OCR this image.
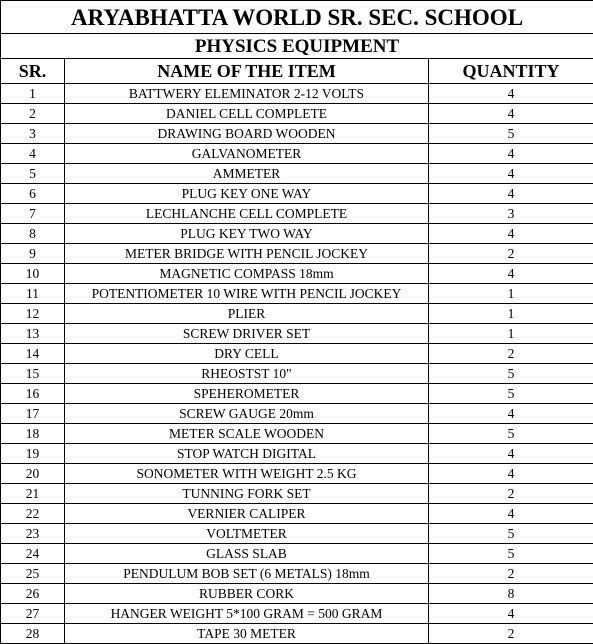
ARYABHATTA WORLD SR. SEC. SCHOOL		
PHYSICS EQUIPMENT		
SR.	NAME OF THE ITEM	QUANTITY
1	BATTWERY ELEMINATOR 2-12 VOLTS	4
2	DANIEL CELL COMPLETE	4
3	DRAWING BOARD WOODEN	5
4	GALVANOMETER	4
5	AMMETER	4
6	PLUG KEY ONE WAY	4
7	LECHLANCHE CELL COMPLETE	3
8	PLUG KEY TWO WAY	4
9	METER BRIDGE WITH PENCIL JOCKEY	2
10	MAGNETIC COMPASS 18mm	4
11	POTENTIOMETER 10 WIRE WITH PENCIL JOCKEY	1
12	PLIER	1
13	SCREW DRIVER SET	1
14	DRY CELL	2
15	RHEOSTST 10"	5
16	SPEHEROMETER	5
17	SCREW GAUGE 20mm	4
18	METER SCALE WOODEN	5
19	STOP WATCH DIGITAL	4
20	SONOMETER WITH WEIGHT 2.5 KG	4
21	TUNNING FORK SET	2
22	VERNIER CALIPER	4
23	VOLTMETER	5
24	GLASS SLAB	5
25	PENDULUM BOB SET (6 METALS) 18mm	2
26	RUBBER CORK	8
27	HANGER WEIGHT 5*100 GRAM = 500 GRAM	4
28	TAPE 30 METER	2
